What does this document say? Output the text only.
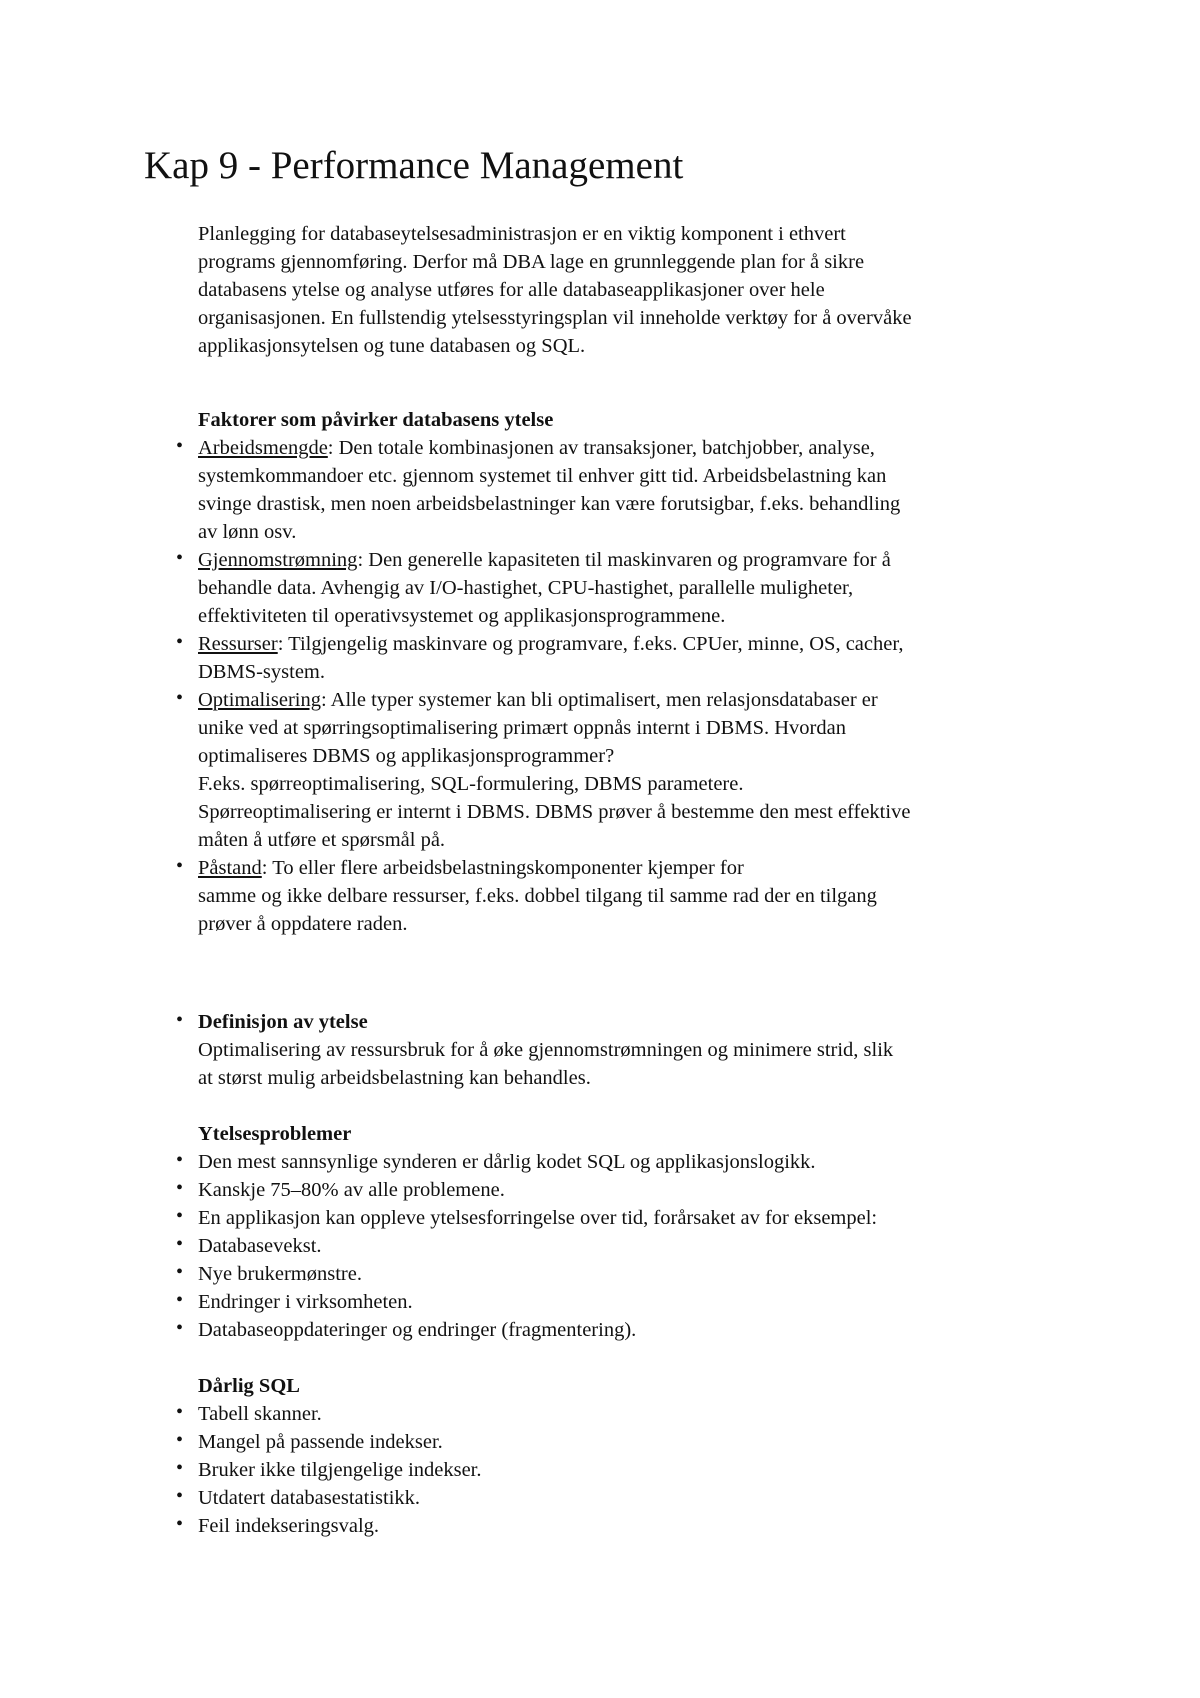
Kap 9 - Performance Management

Planlegging for databaseytelsesadministrasjon er en viktig komponent i ethvert
programs gjennomføring. Derfor må DBA lage en grunnleggende plan for å sikre
databasens ytelse og analyse utføres for alle databaseapplikasjoner over hele
organisasjonen. En fullstendig ytelsesstyringsplan vil inneholde verktøy for å overvåke
applikasjonsytelsen og tune databasen og SQL.

Faktorer som påvirker databasens ytelse
• Arbeidsmengde: Den totale kombinasjonen av transaksjoner, batchjobber, analyse,
systemkommandoer etc. gjennom systemet til enhver gitt tid. Arbeidsbelastning kan
svinge drastisk, men noen arbeidsbelastninger kan være forutsigbar, f.eks. behandling
av lønn osv.
• Gjennomstrømning: Den generelle kapasiteten til maskinvaren og programvare for å
behandle data. Avhengig av I/O-hastighet, CPU-hastighet, parallelle muligheter,
effektiviteten til operativsystemet og applikasjonsprogrammene.
• Ressurser: Tilgjengelig maskinvare og programvare, f.eks. CPUer, minne, OS, cacher,
DBMS-system.
• Optimalisering: Alle typer systemer kan bli optimalisert, men relasjonsdatabaser er
unike ved at spørringsoptimalisering primært oppnås internt i DBMS. Hvordan
optimaliseres DBMS og applikasjonsprogrammer?
F.eks. spørreoptimalisering, SQL-formulering, DBMS parametere.
Spørreoptimalisering er internt i DBMS. DBMS prøver å bestemme den mest effektive
måten å utføre et spørsmål på.
• Påstand: To eller flere arbeidsbelastningskomponenter kjemper for
samme og ikke delbare ressurser, f.eks. dobbel tilgang til samme rad der en tilgang
prøver å oppdatere raden.
• Definisjon av ytelse
Optimalisering av ressursbruk for å øke gjennomstrømningen og minimere strid, slik
at størst mulig arbeidsbelastning kan behandles.
Ytelsesproblemer
• Den mest sannsynlige synderen er dårlig kodet SQL og applikasjonslogikk.
• Kanskje 75–80% av alle problemene.
• En applikasjon kan oppleve ytelsesforringelse over tid, forårsaket av for eksempel:
• Databasevekst.
• Nye brukermønstre.
• Endringer i virksomheten.
• Databaseoppdateringer og endringer (fragmentering).
Dårlig SQL
• Tabell skanner.
• Mangel på passende indekser.
• Bruker ikke tilgjengelige indekser.
• Utdatert databasestatistikk.
• Feil indekseringsvalg.
